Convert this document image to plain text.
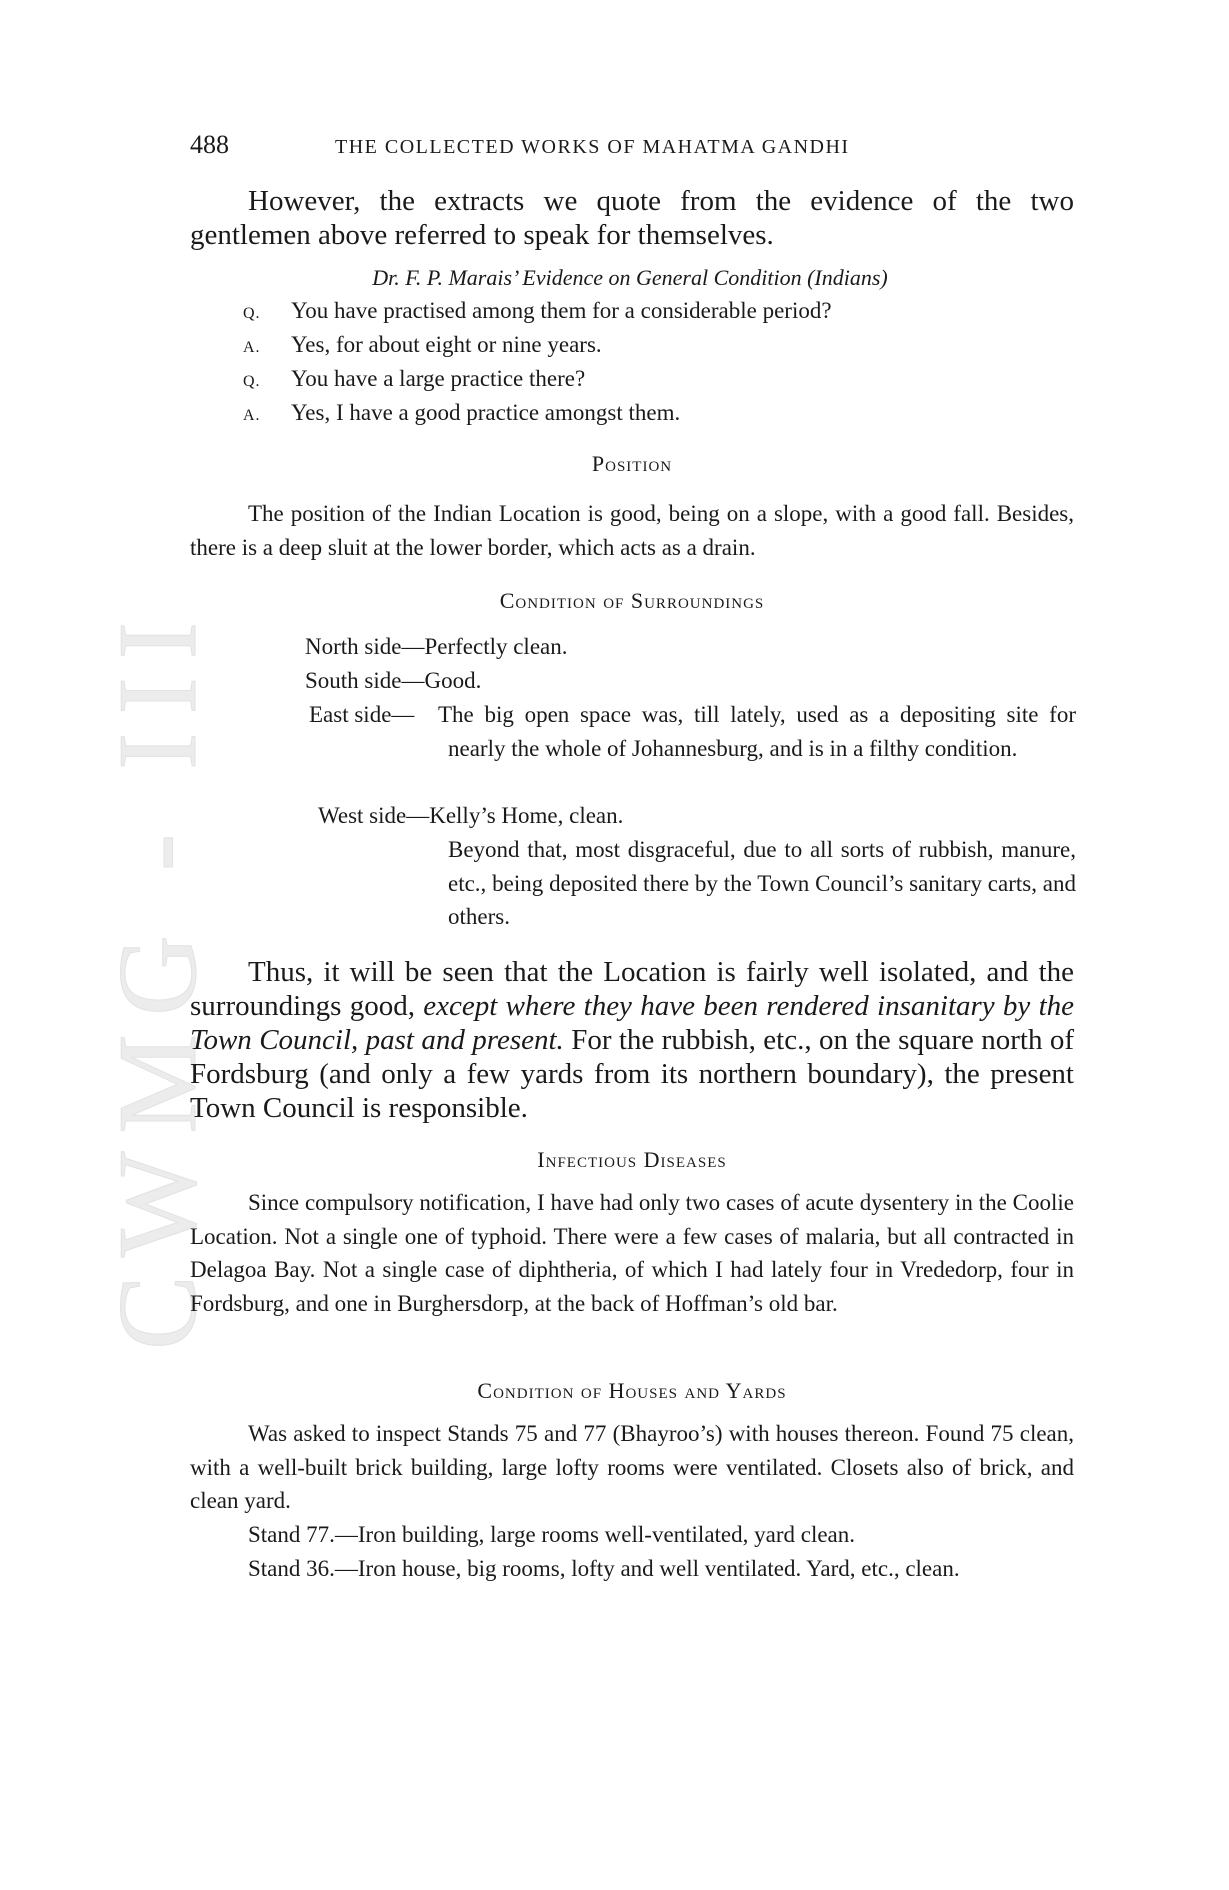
CWMG - III
488	THE COLLECTED WORKS OF MAHATMA GANDHI

However, the extracts we quote from the evidence of the two gentlemen above referred to speak for themselves.

Dr. F. P. Marais’ Evidence on General Condition (Indians)
Q. You have practised among them for a considerable period?
A. Yes, for about eight or nine years.
Q. You have a large practice there?
A. Yes, I have a good practice amongst them.
Position

The position of the Indian Location is good, being on a slope, with a good fall. Besides, there is a deep sluit at the lower border, which acts as a drain.

Condition of Surroundings
North side—Perfectly clean.
South side—Good.
East side— The big open space was, till lately, used as a depositing site for nearly the whole of Johannesburg, and is in a filthy condition.
West side—Kelly’s Home, clean.
Beyond that, most disgraceful, due to all sorts of rubbish, manure, etc., being deposited there by the Town Council’s sanitary carts, and others.

Thus, it will be seen that the Location is fairly well isolated, and the surroundings good, except where they have been rendered insanitary by the Town Council, past and present. For the rubbish, etc., on the square north of Fordsburg (and only a few yards from its northern boundary), the present Town Council is responsible.

Infectious Diseases

Since compulsory notification, I have had only two cases of acute dysentery in the Coolie Location. Not a single one of typhoid. There were a few cases of malaria, but all contracted in Delagoa Bay. Not a single case of diphtheria, of which I had lately four in Vrededorp, four in Fordsburg, and one in Burghersdorp, at the back of Hoffman’s old bar.

Condition of Houses and Yards

Was asked to inspect Stands 75 and 77 (Bhayroo’s) with houses thereon. Found 75 clean, with a well-built brick building, large lofty rooms were ventilated. Closets also of brick, and clean yard.

Stand 77.—Iron building, large rooms well-ventilated, yard clean.

Stand 36.—Iron house, big rooms, lofty and well ventilated. Yard, etc., clean.
